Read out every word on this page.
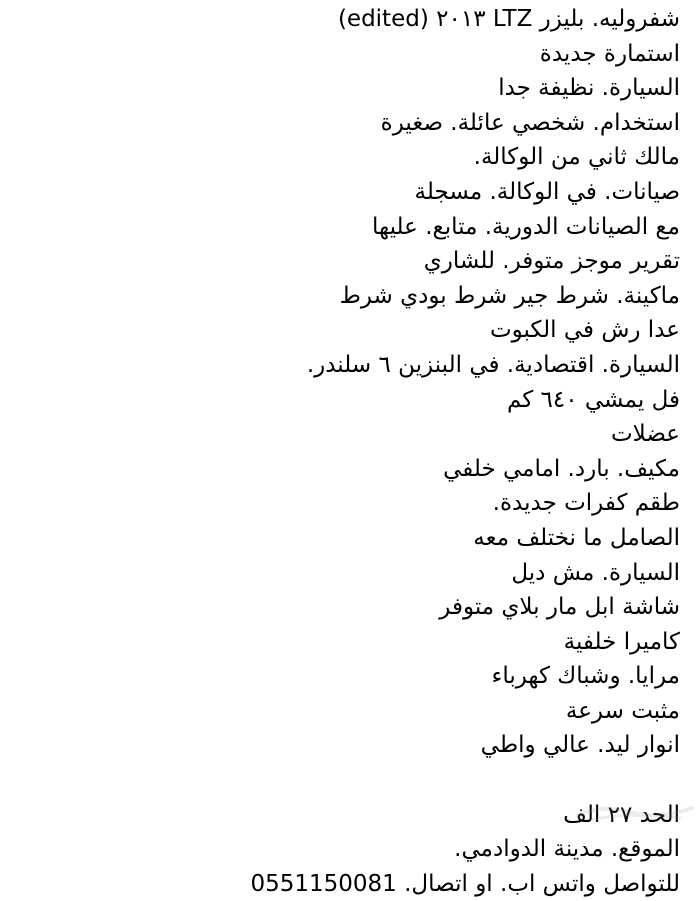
شفروليه. بليزر LTZ ٢٠١٣ (edited)
استمارة جديدة
السيارة. نظيفة جدا
استخدام. شخصي عائلة. صغيرة
مالك ثاني من الوكالة.
صيانات. في الوكالة. مسجلة
مع الصيانات الدورية. متابع. عليها
تقرير موجز متوفر. للشاري
ماكينة. شرط جير شرط بودي شرط
عدا رش في الكبوت
السيارة. اقتصادية. في البنزين ٦ سلندر.
فل يمشي ٦٤٠ كم
عضلات
مكيف. بارد. امامي خلفي
طقم كفرات جديدة.
الصامل ما نختلف معه
السيارة. مش ديل
شاشة ابل مار بلاي متوفر
كاميرا خلفية
مرايا. وشباك كهرباء
مثبت سرعة
انوار ليد. عالي واطي
الحد ٢٧ الف
الموقع. مدينة الدوادمي.
للتواصل واتس اب. او اتصال. 0551150081
